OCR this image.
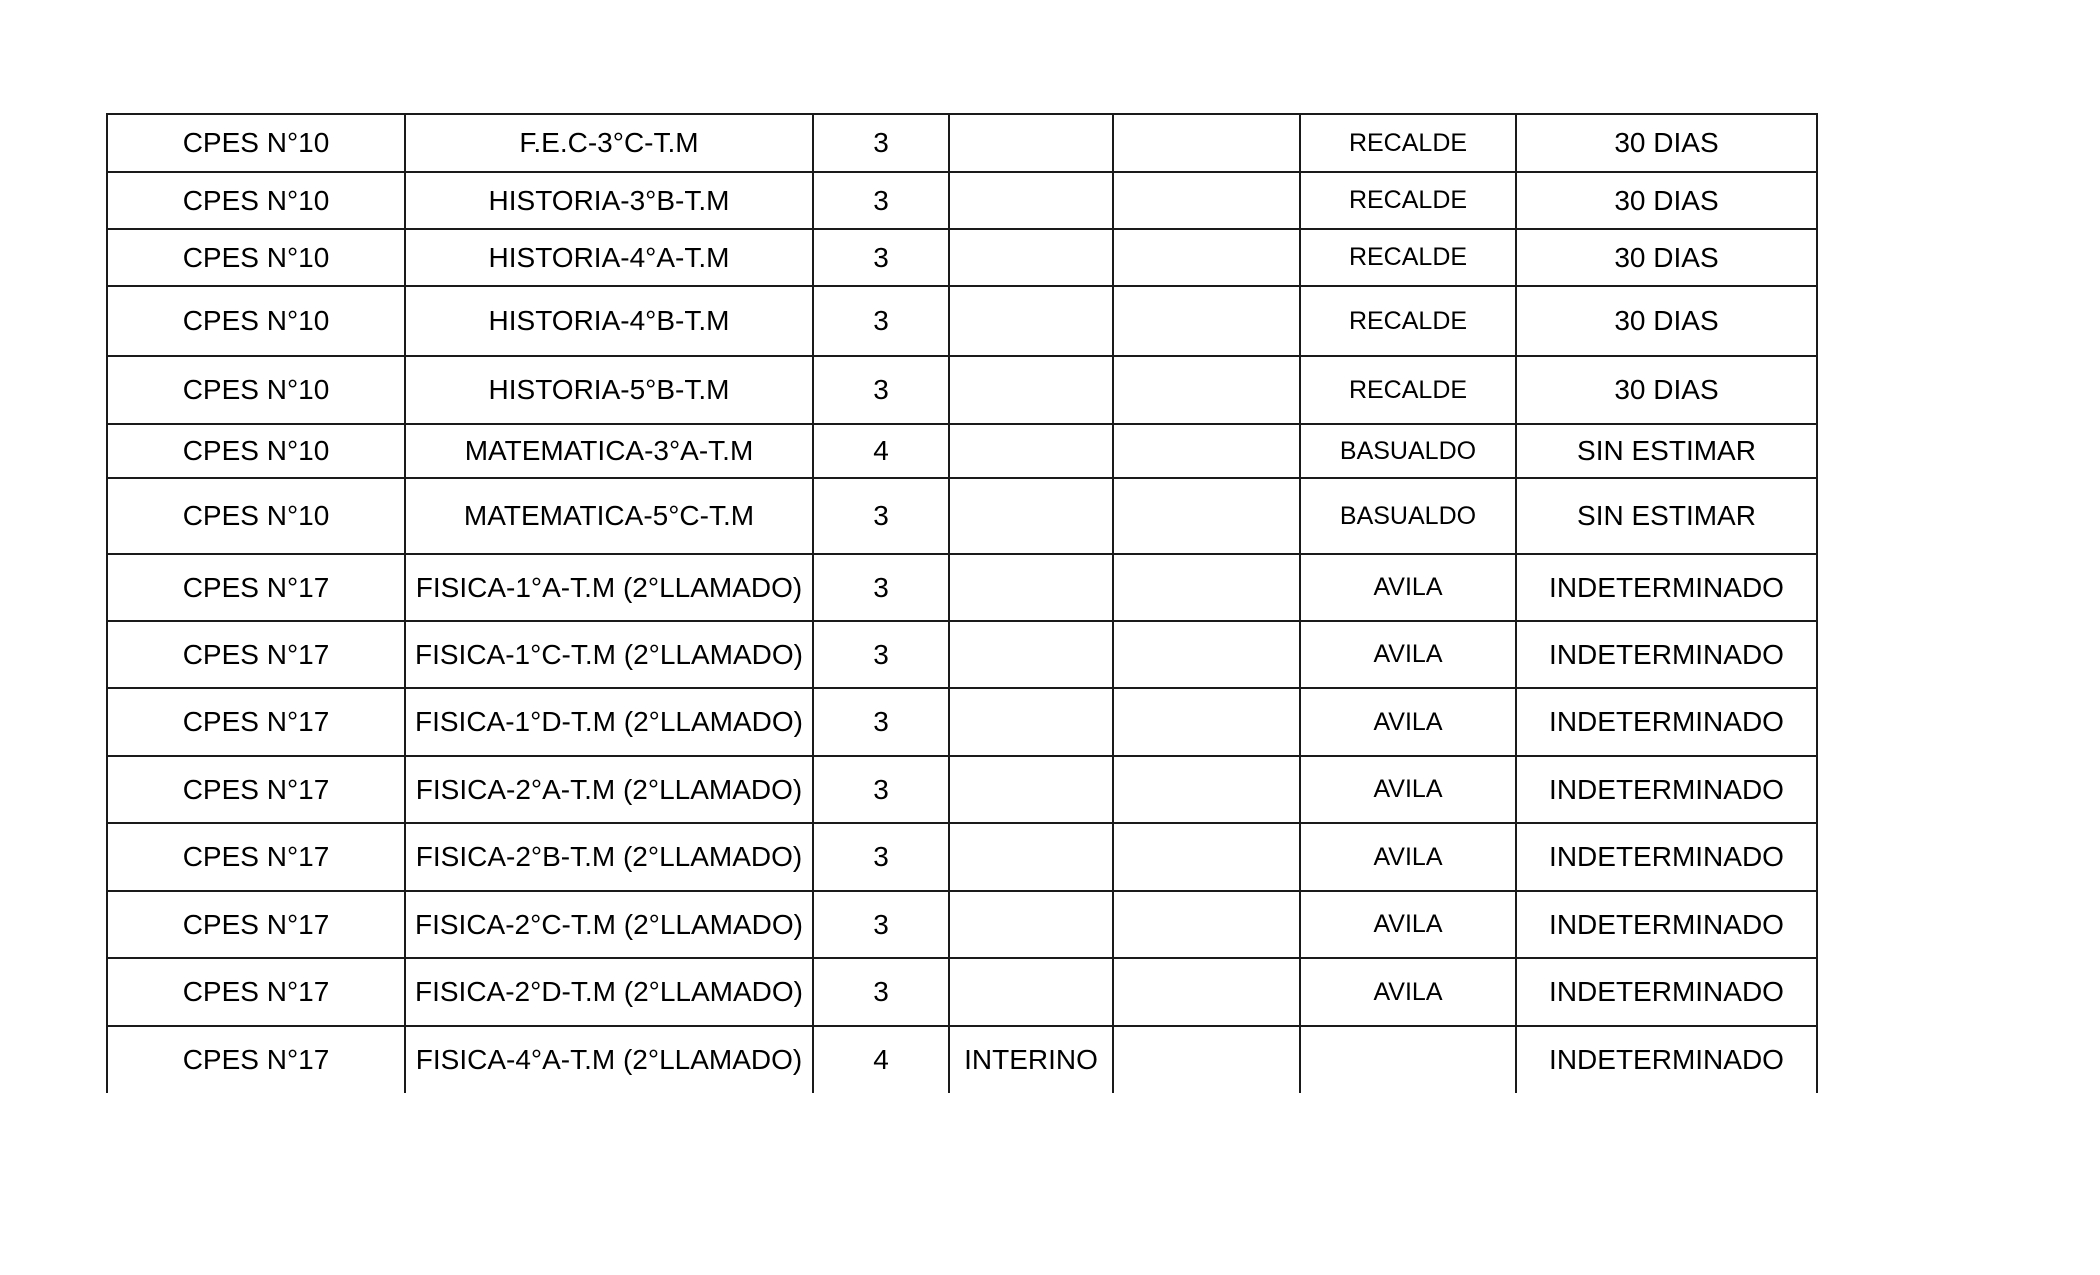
CPES N°10	F.E.C-3°C-T.M	3			RECALDE	30 DIAS
CPES N°10	HISTORIA-3°B-T.M	3			RECALDE	30 DIAS
CPES N°10	HISTORIA-4°A-T.M	3			RECALDE	30 DIAS
CPES N°10	HISTORIA-4°B-T.M	3			RECALDE	30 DIAS
CPES N°10	HISTORIA-5°B-T.M	3			RECALDE	30 DIAS
CPES N°10	MATEMATICA-3°A-T.M	4			BASUALDO	SIN ESTIMAR
CPES N°10	MATEMATICA-5°C-T.M	3			BASUALDO	SIN ESTIMAR
CPES N°17	FISICA-1°A-T.M (2°LLAMADO)	3			AVILA	INDETERMINADO
CPES N°17	FISICA-1°C-T.M (2°LLAMADO)	3			AVILA	INDETERMINADO
CPES N°17	FISICA-1°D-T.M (2°LLAMADO)	3			AVILA	INDETERMINADO
CPES N°17	FISICA-2°A-T.M (2°LLAMADO)	3			AVILA	INDETERMINADO
CPES N°17	FISICA-2°B-T.M (2°LLAMADO)	3			AVILA	INDETERMINADO
CPES N°17	FISICA-2°C-T.M (2°LLAMADO)	3			AVILA	INDETERMINADO
CPES N°17	FISICA-2°D-T.M (2°LLAMADO)	3			AVILA	INDETERMINADO
CPES N°17	FISICA-4°A-T.M (2°LLAMADO)	4	INTERINO			INDETERMINADO
